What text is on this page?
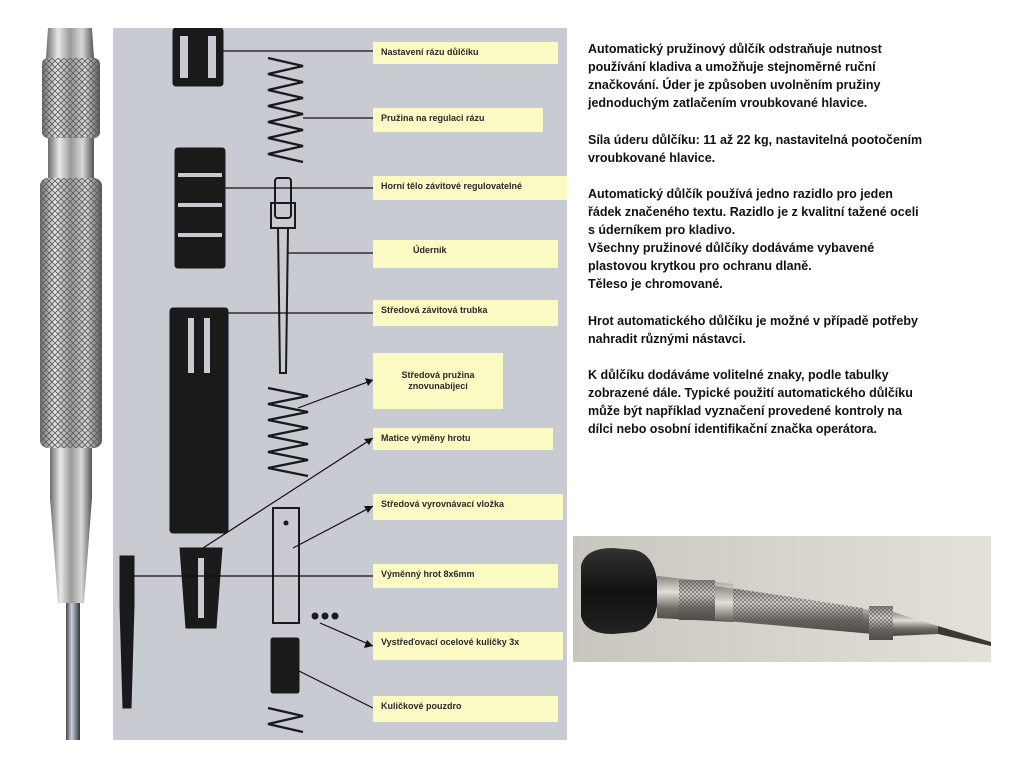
Nastavení rázu důlčíku
Pružina na regulaci rázu
Horní tělo závitové regulovatelné
Úderník
Středová závitová trubka
Středová pružina znovunabíjecí
Matice výměny hrotu
Středová vyrovnávací vložka
Výměnný hrot 8x6mm
Vystřeďovací ocelové kuličky 3x
Kuličkové pouzdro

Automatický pružinový důlčík odstraňuje nutnost
používání kladiva a umožňuje stejnoměrné ruční
značkování. Úder je způsoben uvolněním pružiny
jednoduchým zatlačením vroubkované hlavice.

Síla úderu důlčíku: 11 až 22 kg, nastavitelná pootočením
vroubkované hlavice.

Automatický důlčík používá jedno razidlo pro jeden
řádek značeného textu. Razidlo je z kvalitní tažené oceli
s úderníkem pro kladivo.
Všechny pružinové důlčíky dodáváme vybavené
plastovou krytkou pro ochranu dlaně.
Těleso je chromované.

Hrot automatického důlčíku je možné v případě potřeby
nahradit různými nástavci.

K důlčíku dodáváme volitelné znaky, podle tabulky
zobrazené dále. Typické použití automatického důlčíku
může být například vyznačení provedené kontroly na
dílci nebo osobní identifikační značka operátora.
